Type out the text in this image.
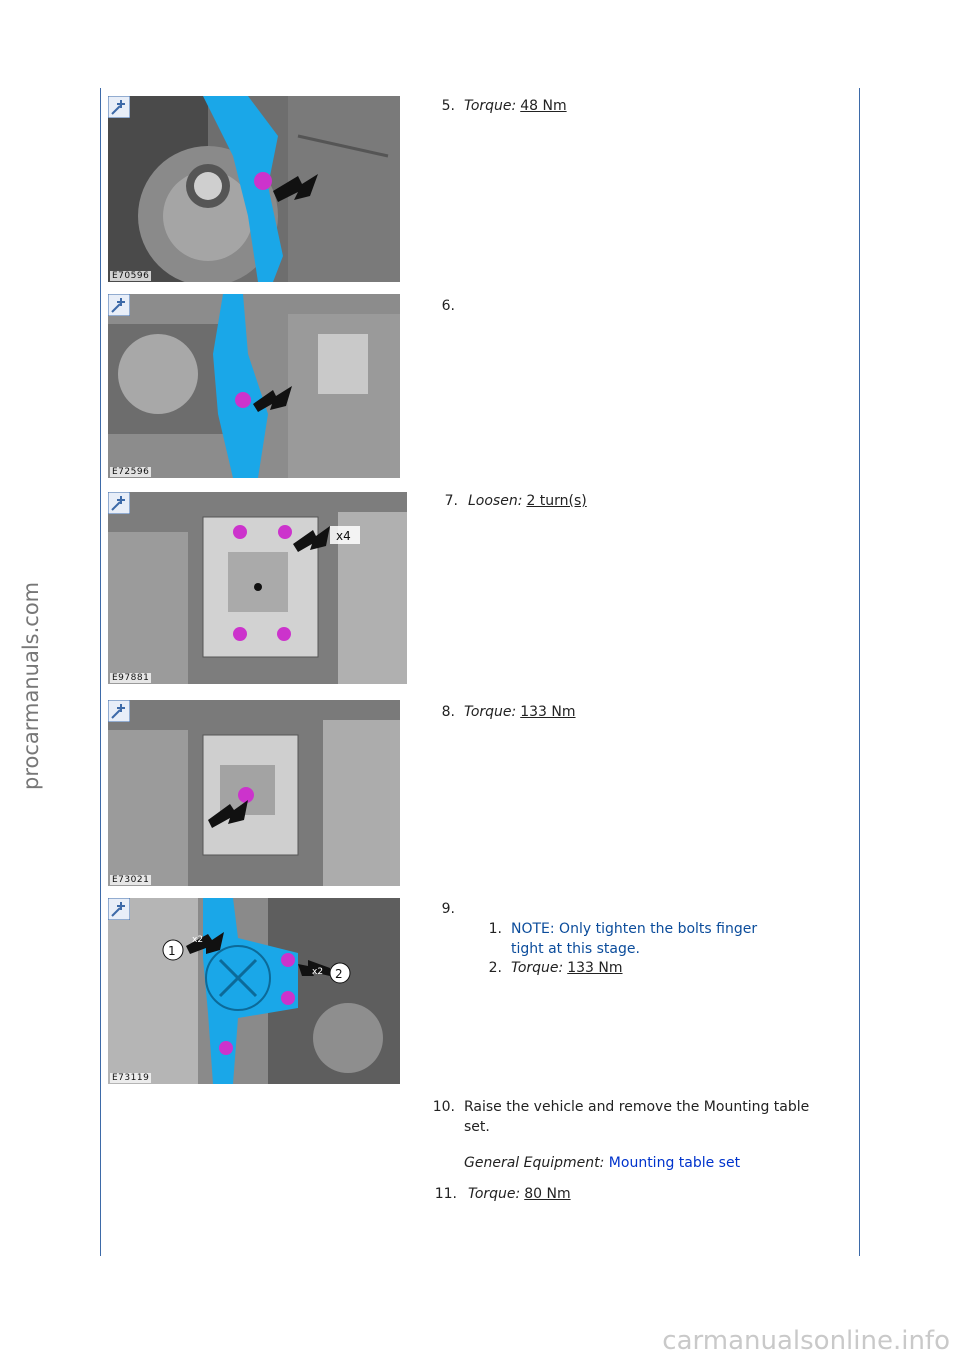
procarmanuals.com
E70596
E72596
x4
E97881
E73021
1
x2
x2 2
E73119
5. Torque: 48 Nm
6.
7. Loosen: 2 turn(s)
8. Torque: 133 Nm
9.
1. NOTE: Only tighten the bolts finger
tight at this stage.
2. Torque: 133 Nm
10. Raise the vehicle and remove the Mounting table
set.
General Equipment: Mounting table set
11. Torque: 80 Nm
carmanualsonline.info
